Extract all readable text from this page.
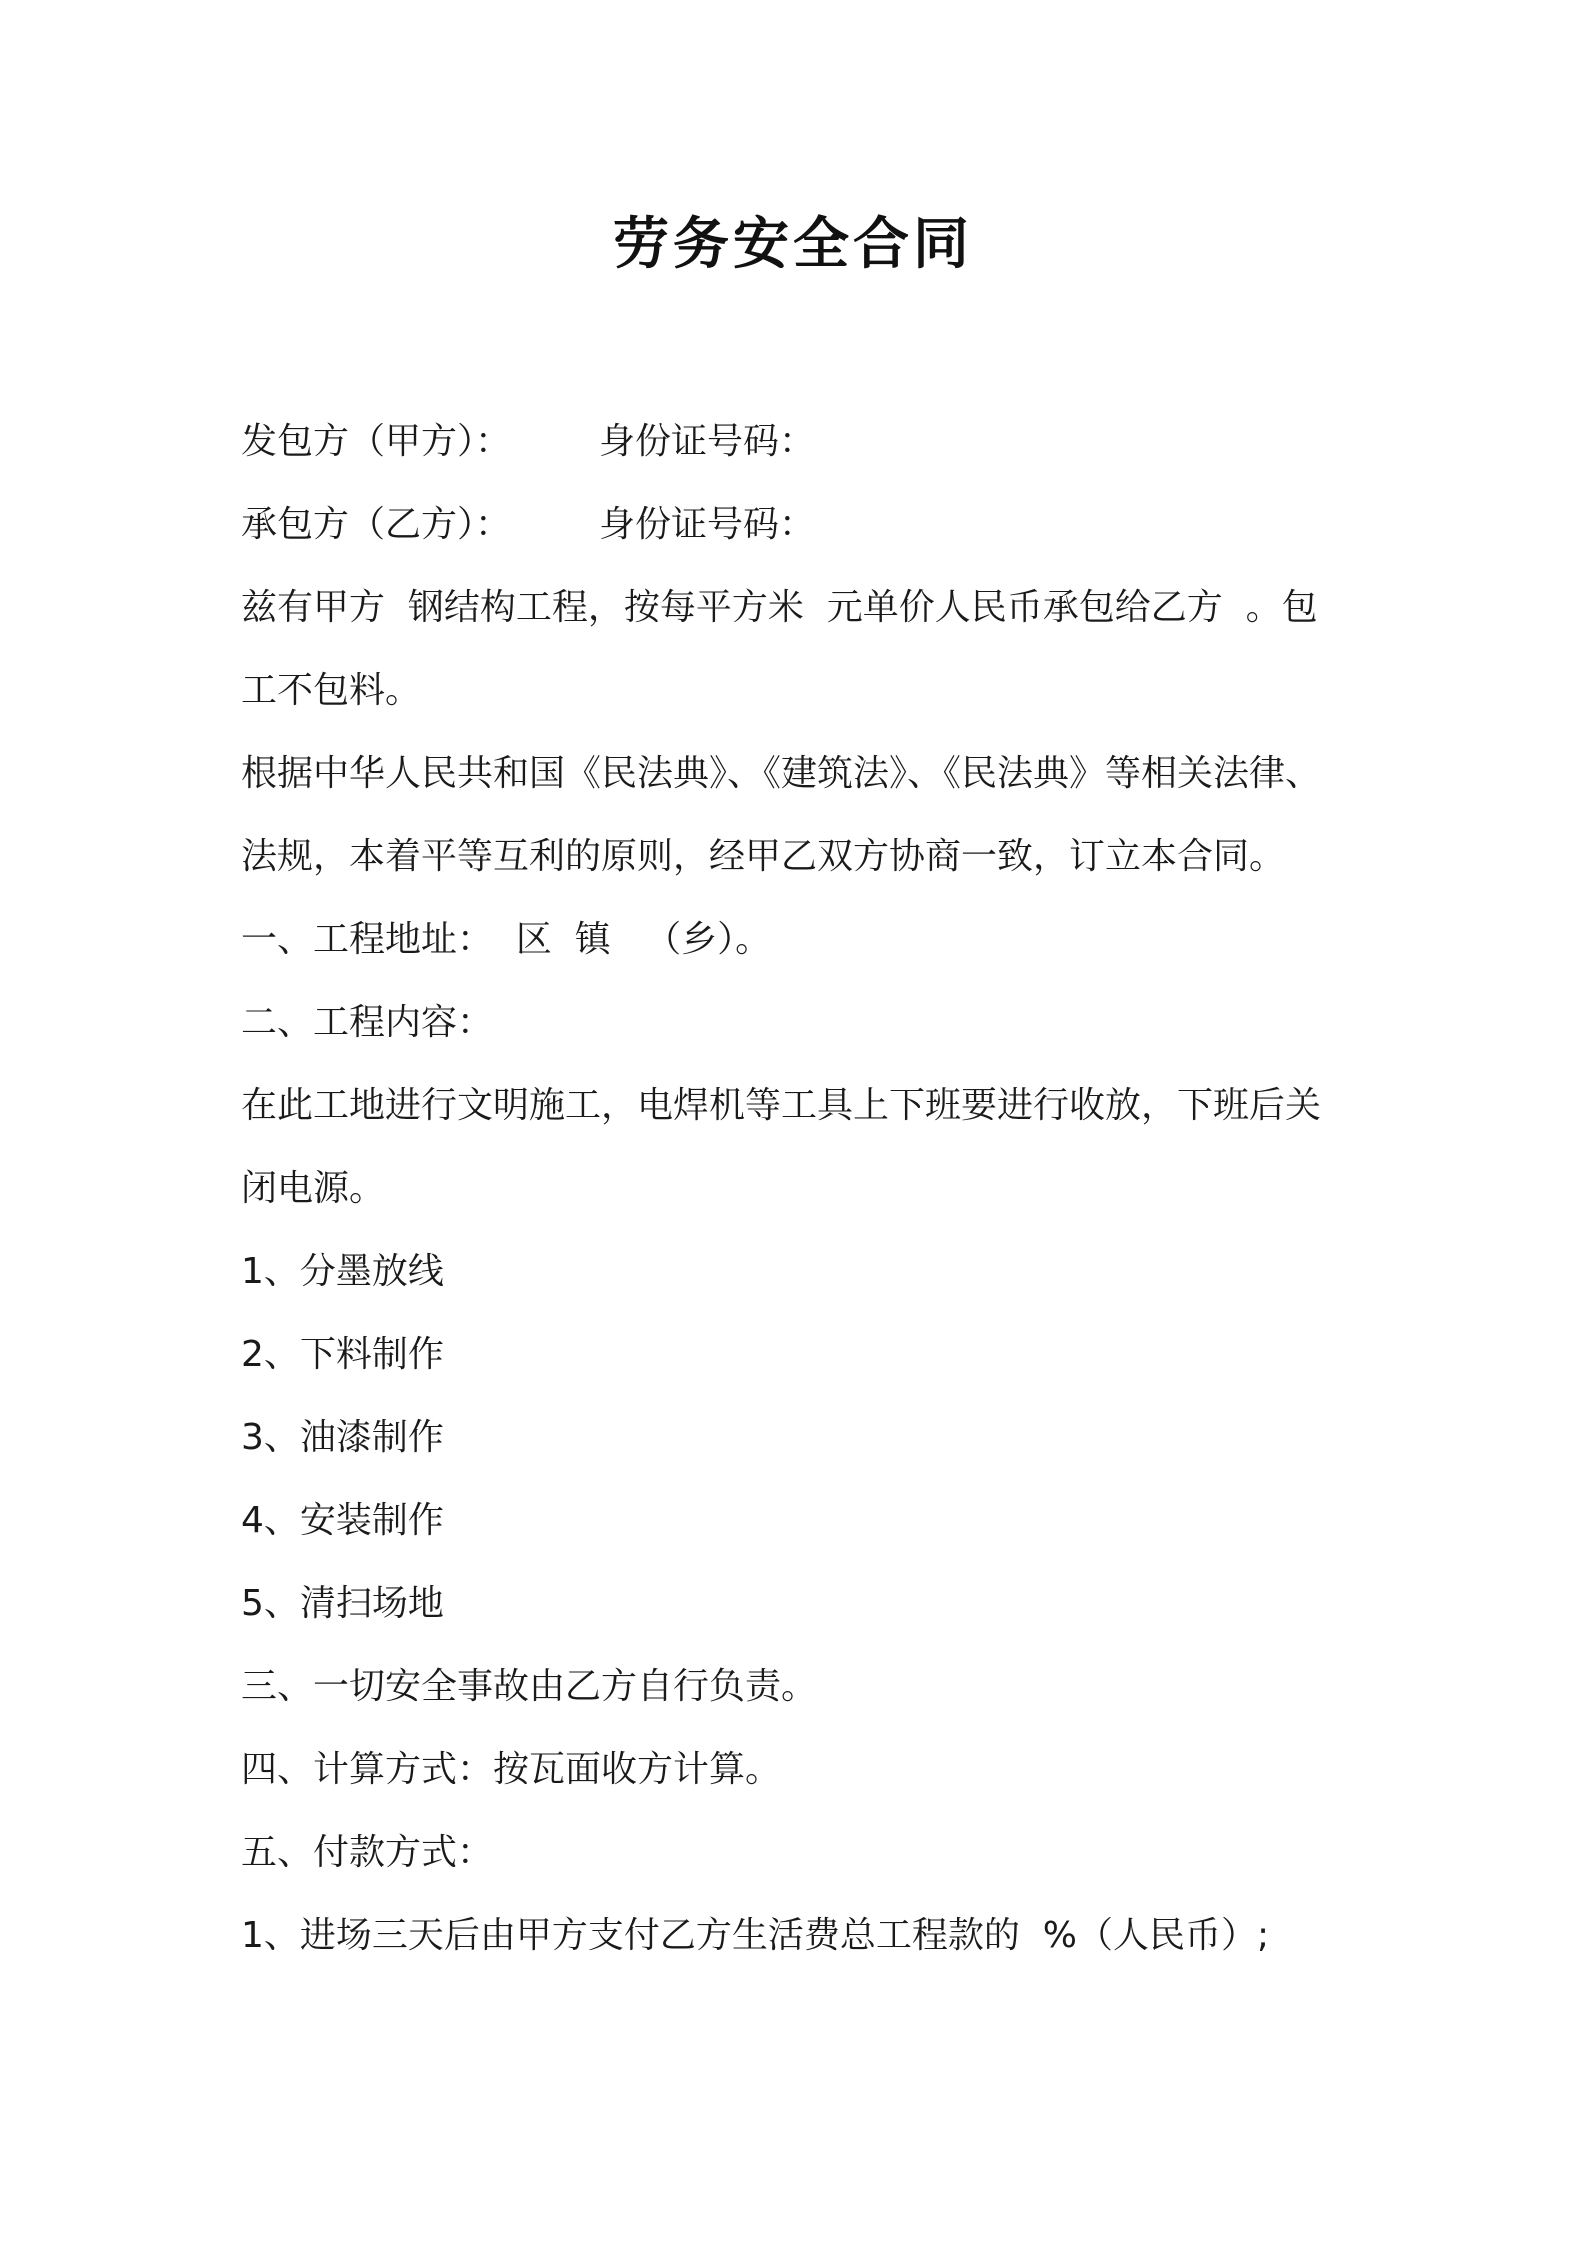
劳务安全合同
发包方（甲方）： 身份证号码：
承包方（乙方）： 身份证号码：
兹有甲方  钢结构工程，按每平方米  元单价人民币承包给乙方  。包
工不包料。
根据中华人民共和国《民法典》、《建筑法》、《民法典》等相关法律、
法规，本着平等互利的原则，经甲乙双方协商一致，订立本合同。
一、工程地址：  区  镇   （乡）。
二、工程内容：
在此工地进行文明施工，电焊机等工具上下班要进行收放，下班后关
闭电源。
1、分墨放线
2、下料制作
3、油漆制作
4、安装制作
5、清扫场地
三、一切安全事故由乙方自行负责。
四、计算方式：按瓦面收方计算。
五、付款方式：
1、进场三天后由甲方支付乙方生活费总工程款的  %（人民币）;
